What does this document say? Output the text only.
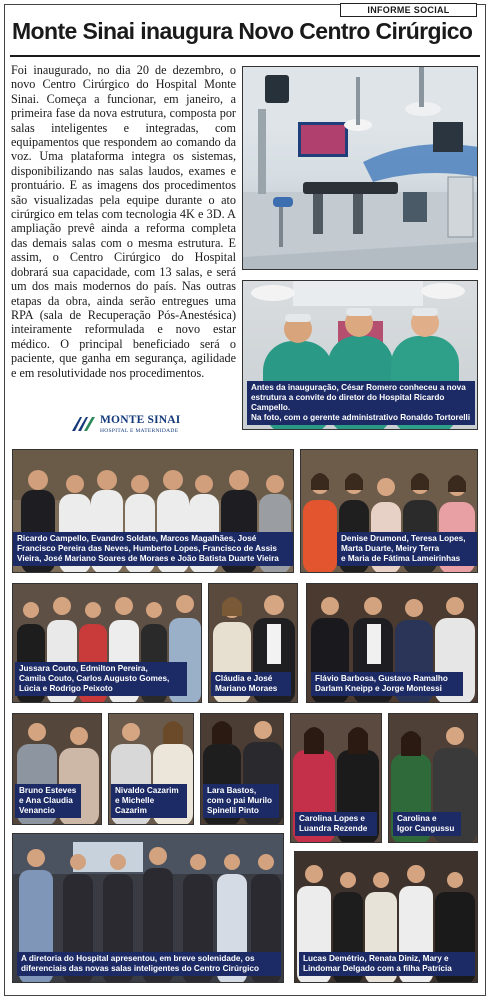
INFORME SOCIAL
Monte Sinai inaugura Novo Centro Cirúrgico

Foi inaugurado, no dia 20 de dezembro, o novo Centro Cirúrgico do Hospital Monte Sinai. Começa a funcionar, em janeiro, a primeira fase da nova estrutura, composta por salas inteligentes e integradas, com equipamentos que respondem ao comando da voz. Uma plataforma integra os sistemas, disponibilizando nas salas laudos, exames e prontuário. E as imagens dos procedimentos são visualizadas pela equipe durante o ato cirúrgico em telas com tecnologia 4K e 3D. A ampliação prevê ainda a reforma completa das demais salas com o mesma estrutura. E assim, o Centro Cirúrgico do Hospital dobrará sua capacidade, com 13 salas, e será um dos mais modernos do país. Nas outras etapas da obra, ainda serão entregues uma RPA (sala de Recuperação Pós-Anestésica) inteiramente reformulada e novo estar médico. O principal beneficiado será o paciente, que ganha em segurança, agilidade e em resolutividade nos procedimentos.

MONTE SINAI
HOSPITAL E MATERNIDADE
Antes da inauguração, César Romero conheceu a nova
estrutura a convite do diretor do Hospital Ricardo Campello.
Na foto, com o gerente administrativo Ronaldo Tortorelli
Ricardo Campello, Evandro Soldate, Marcos Magalhães, José
Francisco Pereira das Neves, Humberto Lopes, Francisco de Assis
Vieira, José Mariano Soares de Moraes e João Batista Duarte Vieira
Denise Drumond, Teresa Lopes,
Marta Duarte, Meiry Terra
e Maria de Fátima Lameirinhas
Jussara Couto, Edmilton Pereira,
Camila Couto, Carlos Augusto Gomes,
Lúcia e Rodrigo Peixoto
Cláudia e José
Mariano Moraes
Flávio Barbosa, Gustavo Ramalho
Darlam Kneipp e Jorge Montessi
Bruno Esteves
e Ana Claudia
Venancio
Nivaldo Cazarim
e Michelle
Cazarim
Lara Bastos,
com o pai Murilo
Spinelli Pinto
Carolina Lopes e
Luandra Rezende
Carolina e
Igor Cangussu
A diretoria do Hospital apresentou, em breve solenidade, os
diferenciais das novas salas inteligentes do Centro Cirúrgico
Lucas Demétrio, Renata Diniz, Mary e
Lindomar Delgado com a filha Patrícia
